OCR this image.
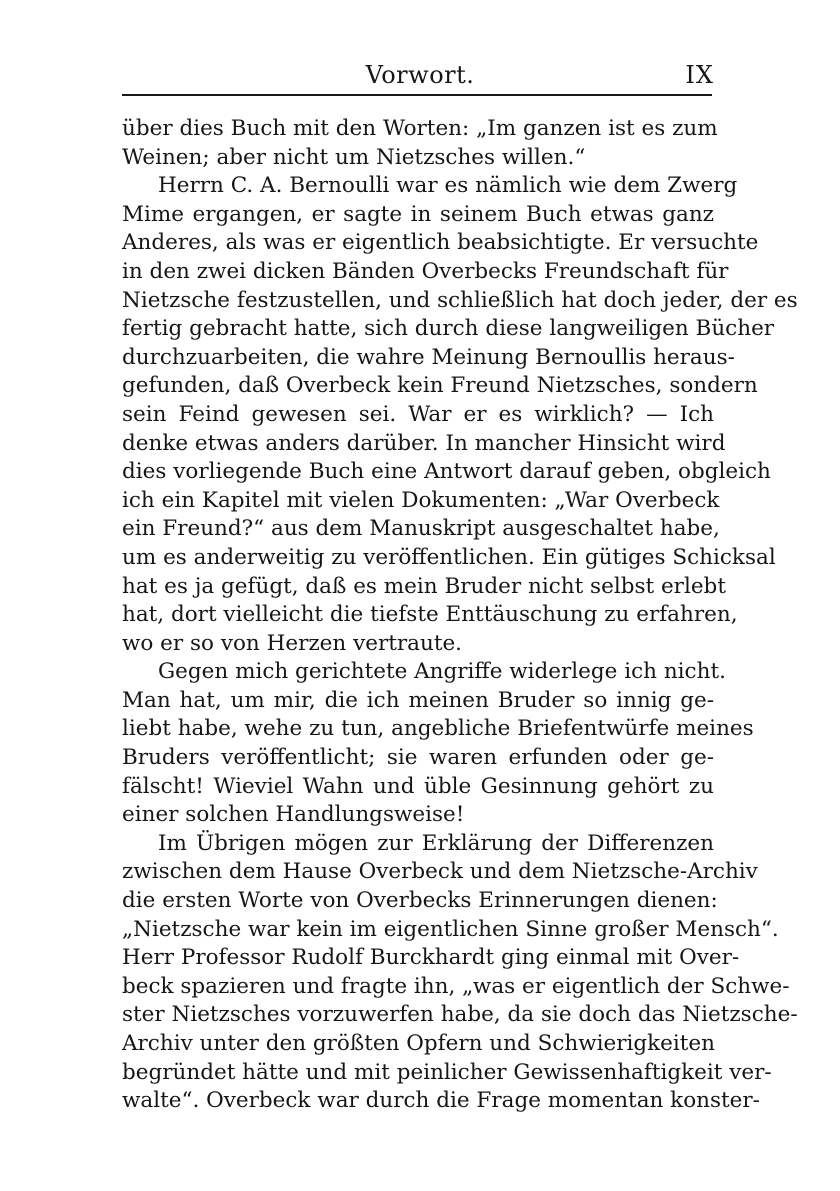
Vorwort.	IX
über dies Buch mit den Worten: „Im ganzen ist es zum
Weinen; aber nicht um Nietzsches willen.“
Herrn C. A. Bernoulli war es nämlich wie dem Zwerg
Mime ergangen, er sagte in seinem Buch etwas ganz
Anderes, als was er eigentlich beabsichtigte. Er versuchte
in den zwei dicken Bänden Overbecks Freundschaft für
Nietzsche festzustellen, und schließlich hat doch jeder, der es
fertig gebracht hatte, sich durch diese langweiligen Bücher
durchzuarbeiten, die wahre Meinung Bernoullis heraus-
gefunden, daß Overbeck kein Freund Nietzsches, sondern
sein Feind gewesen sei. War er es wirklich? — Ich
denke etwas anders darüber. In mancher Hinsicht wird
dies vorliegende Buch eine Antwort darauf geben, obgleich
ich ein Kapitel mit vielen Dokumenten: „War Overbeck
ein Freund?“ aus dem Manuskript ausgeschaltet habe,
um es anderweitig zu veröffentlichen. Ein gütiges Schicksal
hat es ja gefügt, daß es mein Bruder nicht selbst erlebt
hat, dort vielleicht die tiefste Enttäuschung zu erfahren,
wo er so von Herzen vertraute.
Gegen mich gerichtete Angriffe widerlege ich nicht.
Man hat, um mir, die ich meinen Bruder so innig ge-
liebt habe, wehe zu tun, angebliche Briefentwürfe meines
Bruders veröffentlicht; sie waren erfunden oder ge-
fälscht! Wieviel Wahn und üble Gesinnung gehört zu
einer solchen Handlungsweise!
Im Übrigen mögen zur Erklärung der Differenzen
zwischen dem Hause Overbeck und dem Nietzsche-Archiv
die ersten Worte von Overbecks Erinnerungen dienen:
„Nietzsche war kein im eigentlichen Sinne großer Mensch“.
Herr Professor Rudolf Burckhardt ging einmal mit Over-
beck spazieren und fragte ihn, „was er eigentlich der Schwe-
ster Nietzsches vorzuwerfen habe, da sie doch das Nietzsche-
Archiv unter den größten Opfern und Schwierigkeiten
begründet hätte und mit peinlicher Gewissenhaftigkeit ver-
walte“. Overbeck war durch die Frage momentan konster-
